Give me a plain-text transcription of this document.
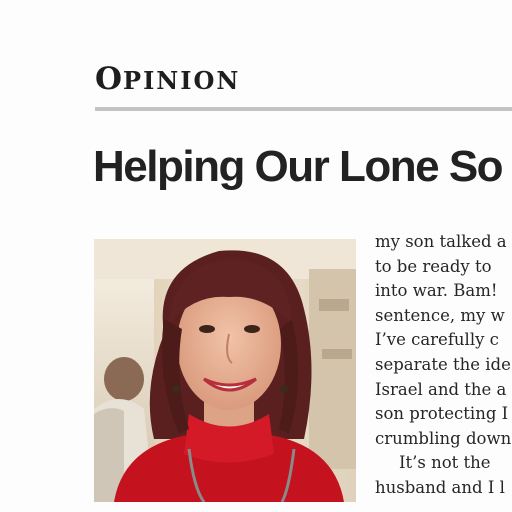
OPINION
Helping Our Lone So
my son talked a
to be ready to
into war. Bam!
sentence, my w
I’ve carefully c
separate the ide
Israel and the a
son protecting I
crumbling down
It’s not the
husband and I l
